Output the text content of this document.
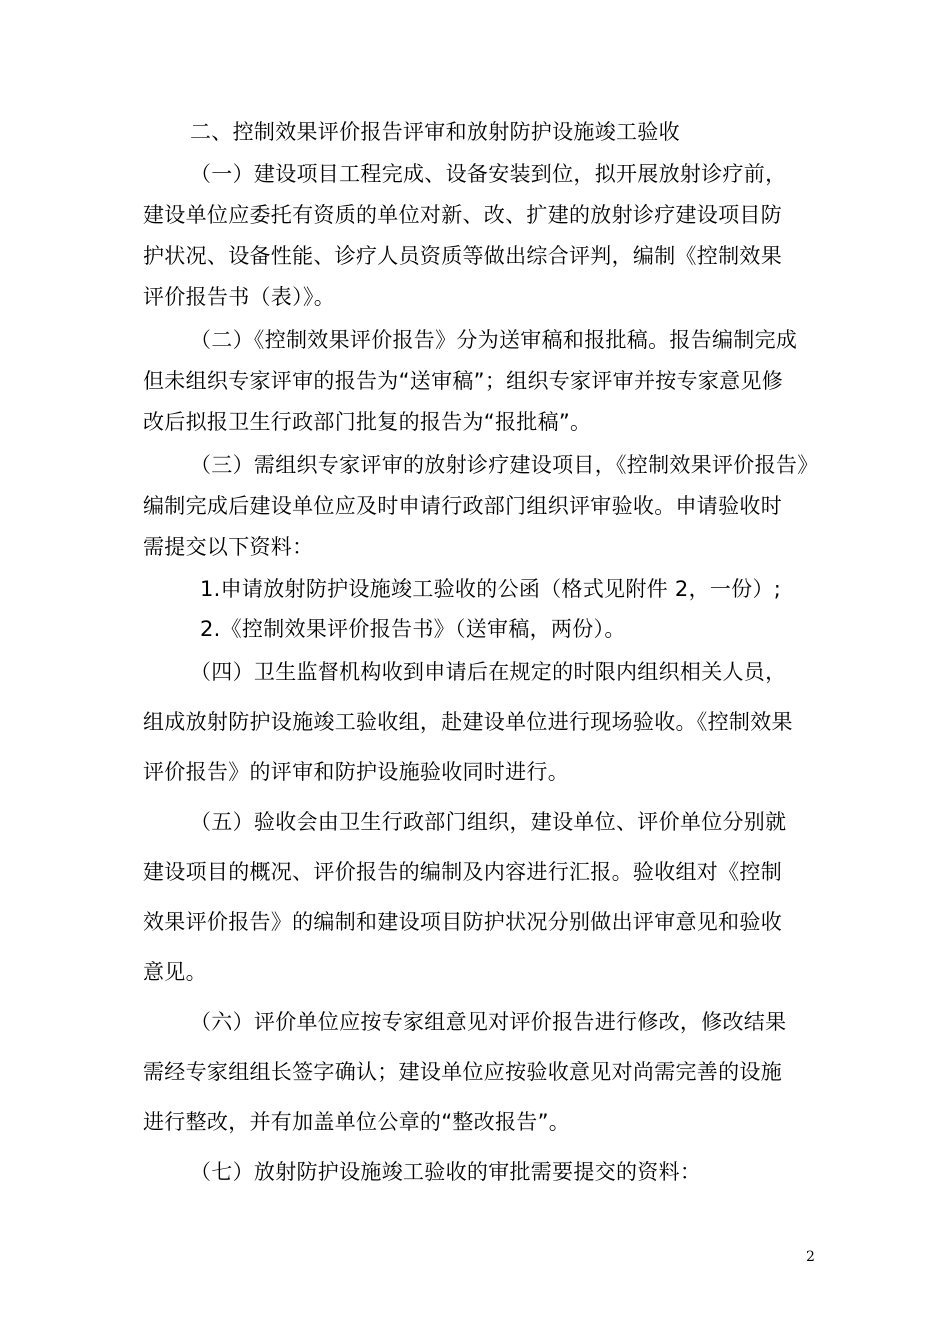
二、控制效果评价报告评审和放射防护设施竣工验收
（一）建设项目工程完成、设备安装到位，拟开展放射诊疗前，
建设单位应委托有资质的单位对新、改、扩建的放射诊疗建设项目防
护状况、设备性能、诊疗人员资质等做出综合评判，编制《控制效果
评价报告书（表）》。
（二）《控制效果评价报告》分为送审稿和报批稿。报告编制完成
但未组织专家评审的报告为“送审稿”；组织专家评审并按专家意见修
改后拟报卫生行政部门批复的报告为“报批稿”。
（三）需组织专家评审的放射诊疗建设项目，《控制效果评价报告》
编制完成后建设单位应及时申请行政部门组织评审验收。申请验收时
需提交以下资料：
1.申请放射防护设施竣工验收的公函（格式见附件 2，一份）;
2.《控制效果评价报告书》（送审稿，两份）。
（四）卫生监督机构收到申请后在规定的时限内组织相关人员，
组成放射防护设施竣工验收组，赴建设单位进行现场验收。《控制效果
评价报告》的评审和防护设施验收同时进行。
（五）验收会由卫生行政部门组织，建设单位、评价单位分别就
建设项目的概况、评价报告的编制及内容进行汇报。验收组对《控制
效果评价报告》的编制和建设项目防护状况分别做出评审意见和验收
意见。
（六）评价单位应按专家组意见对评价报告进行修改，修改结果
需经专家组组长签字确认；建设单位应按验收意见对尚需完善的设施
进行整改，并有加盖单位公章的“整改报告”。
（七）放射防护设施竣工验收的审批需要提交的资料：
2
